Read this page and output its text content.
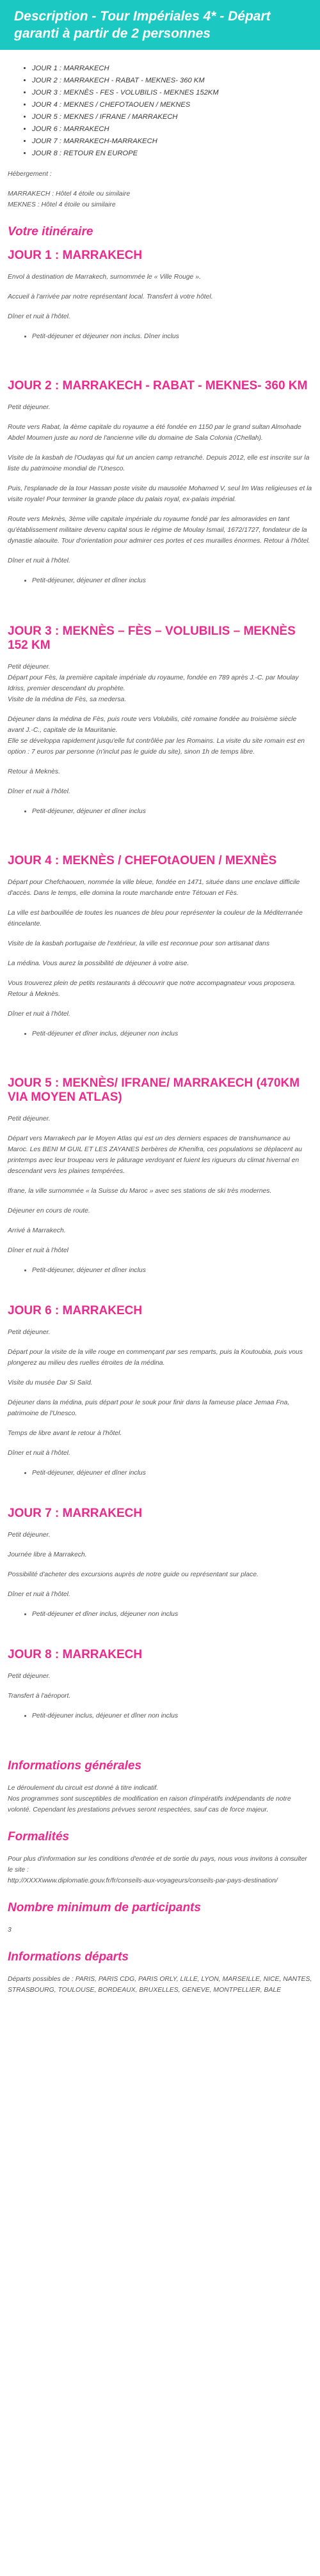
Description - Tour Impériales 4* - Départ garanti à partir de 2 personnes
• JOUR 1 : MARRAKECH
• JOUR 2 : MARRAKECH - RABAT - MEKNES- 360 KM
• JOUR 3 : MEKNÈS - FES - VOLUBILIS - MEKNES 152KM
• JOUR 4 : MEKNES / CHEFOTAOUEN / MEKNES
• JOUR 5 : MEKNES / IFRANE / MARRAKECH
• JOUR 6 : MARRAKECH
• JOUR 7 : MARRAKECH-MARRAKECH
• JOUR 8 : RETOUR EN EUROPE

Hébergement :

MARRAKECH : Hôtel 4 étoile ou similaire

MEKNES : Hôtel 4 étoile ou similaire

Votre itinéraire
JOUR 1 : MARRAKECH

Envol à destination de Marrakech, surnommée le « Ville Rouge ».

Accueil à l'arrivée par notre représentant local. Transfert à votre hôtel.

Dîner et nuit à l'hôtel.

• Petit-déjeuner et déjeuner non inclus. Dîner inclus
JOUR 2 : MARRAKECH - RABAT - MEKNES- 360 KM

Petit déjeuner.

Route vers Rabat, la 4ème capitale du royaume a été fondée en 1150 par le grand sultan Almohade Abdel Moumen juste au nord de l'ancienne ville du domaine de Sala Colonia (Chellah).

Visite de la kasbah de l'Oudayas qui fut un ancien camp retranché. Depuis 2012, elle est inscrite sur la liste du patrimoine mondial de l'Unesco.

Puis, l'esplanade de la tour Hassan poste visite du mausolée Mohamed V, seul lm Was religieuses et la visite royale! Pour terminer la grande place du palais royal, ex-palais impérial.

Route vers Meknès, 3ème ville capitale impériale du royaume fondé par les almoravides en tant qu'établissement militaire devenu capital sous le régime de Moulay Ismail, 1672/1727, fondateur de la dynastie alaouite. Tour d'orientation pour admirer ces portes et ces murailles énormes. Retour à l'hôtel.

Dîner et nuit à l'hôtel.

• Petit-déjeuner, déjeuner et dîner inclus
JOUR 3 : MEKNÈS – FÈS – VOLUBILIS – MEKNÈS 152 KM

Petit déjeuner.
Départ pour Fès, la première capitale impériale du royaume, fondée en 789 après J.-C. par Moulay Idriss, premier descendant du prophète.
Visite de la médina de Fès, sa medersa.

Déjeuner dans la médina de Fès, puis route vers Volubilis, cité romaine fondée au troisième siècle avant J.-C., capitale de la Mauritanie.
Elle se développa rapidement jusqu'elle fut contrôlée par les Romains. La visite du site romain est en option : 7 euros par personne (n'inclut pas le guide du site), sinon 1h de temps libre.

Retour à Meknès.

Dîner et nuit à l'hôtel.

• Petit-déjeuner, déjeuner et dîner inclus
JOUR 4 : MEKNÈS / CHEFOtAOUEN / MEXNÈS

Départ pour Chefchaouen, nommée la ville bleue, fondée en 1471, située dans une enclave difficile d'accès. Dans le temps, elle domina la route marchande entre Tétouan et Fès.

La ville est barbouillée de toutes les nuances de bleu pour représenter la couleur de la Méditerranée étincelante.

Visite de la kasbah portugaise de l'extérieur, la ville est reconnue pour son artisanat dans

La médina. Vous aurez la possibilité de déjeuner à votre aise.

Vous trouverez plein de petits restaurants à découvrir que notre accompagnateur vous proposera. Retour à Meknès.

Dîner et nuit à l'hôtel.

• Petit-déjeuner et dîner inclus, déjeuner non inclus
JOUR 5 : MEKNÈS/ IFRANE/ MARRAKECH (470KM VIA MOYEN ATLAS)

Petit déjeuner.

Départ vers Marrakech par le Moyen Atlas qui est un des derniers espaces de transhumance au Maroc. Les BENI M GUIL ET LES ZAYANES berbères de Khenifra, ces populations se déplacent au printemps avec leur troupeau vers le pâturage verdoyant et fuient les rigueurs du climat hivernal en descendant vers les plaines tempérées.

Ifrane, la ville surnommée « la Suisse du Maroc » avec ses stations de ski très modernes.

Déjeuner en cours de route.

Arrivé à Marrakech.

Dîner et nuit à l'hôtel

• Petit-déjeuner, déjeuner et dîner inclus
JOUR 6 : MARRAKECH

Petit déjeuner.

Départ pour la visite de la ville rouge en commençant par ses remparts, puis la Koutoubia, puis vous plongerez au milieu des ruelles étroites de la médina.

Visite du musée Dar Si Saïd.

Déjeuner dans la médina, puis départ pour le souk pour finir dans la fameuse place Jemaa Fna, patrimoine de l'Unesco.

Temps de libre avant le retour à l'hôtel.

Dîner et nuit à l'hôtel.

• Petit-déjeuner, déjeuner et dîner inclus
JOUR 7 : MARRAKECH

Petit déjeuner.

Journée libre à Marrakech.

Possibilité d'acheter des excursions auprès de notre guide ou représentant sur place.

Dîner et nuit à l'hôtel.

• Petit-déjeuner et dîner inclus, déjeuner non inclus
JOUR 8 : MARRAKECH

Petit déjeuner.

Transfert à l'aéroport.

• Petit-déjeuner inclus, déjeuner et dîner non inclus
Informations générales

Le déroulement du circuit est donné à titre indicatif.
Nos programmes sont susceptibles de modification en raison d'impératifs indépendants de notre volonté. Cependant les prestations prévues seront respectées, sauf cas de force majeur.

Formalités

Pour plus d'information sur les conditions d'entrée et de sortie du pays, nous vous invitons à consulter le site :
http://XXXXwww.diplomatie.gouv.fr/fr/conseils-aux-voyageurs/conseils-par-pays-destination/

Nombre minimum de participants

3

Informations départs

Départs possibles de : PARIS, PARIS CDG, PARIS ORLY, LILLE, LYON, MARSEILLE, NICE, NANTES, STRASBOURG, TOULOUSE, BORDEAUX, BRUXELLES, GENEVE, MONTPELLIER, BALE
